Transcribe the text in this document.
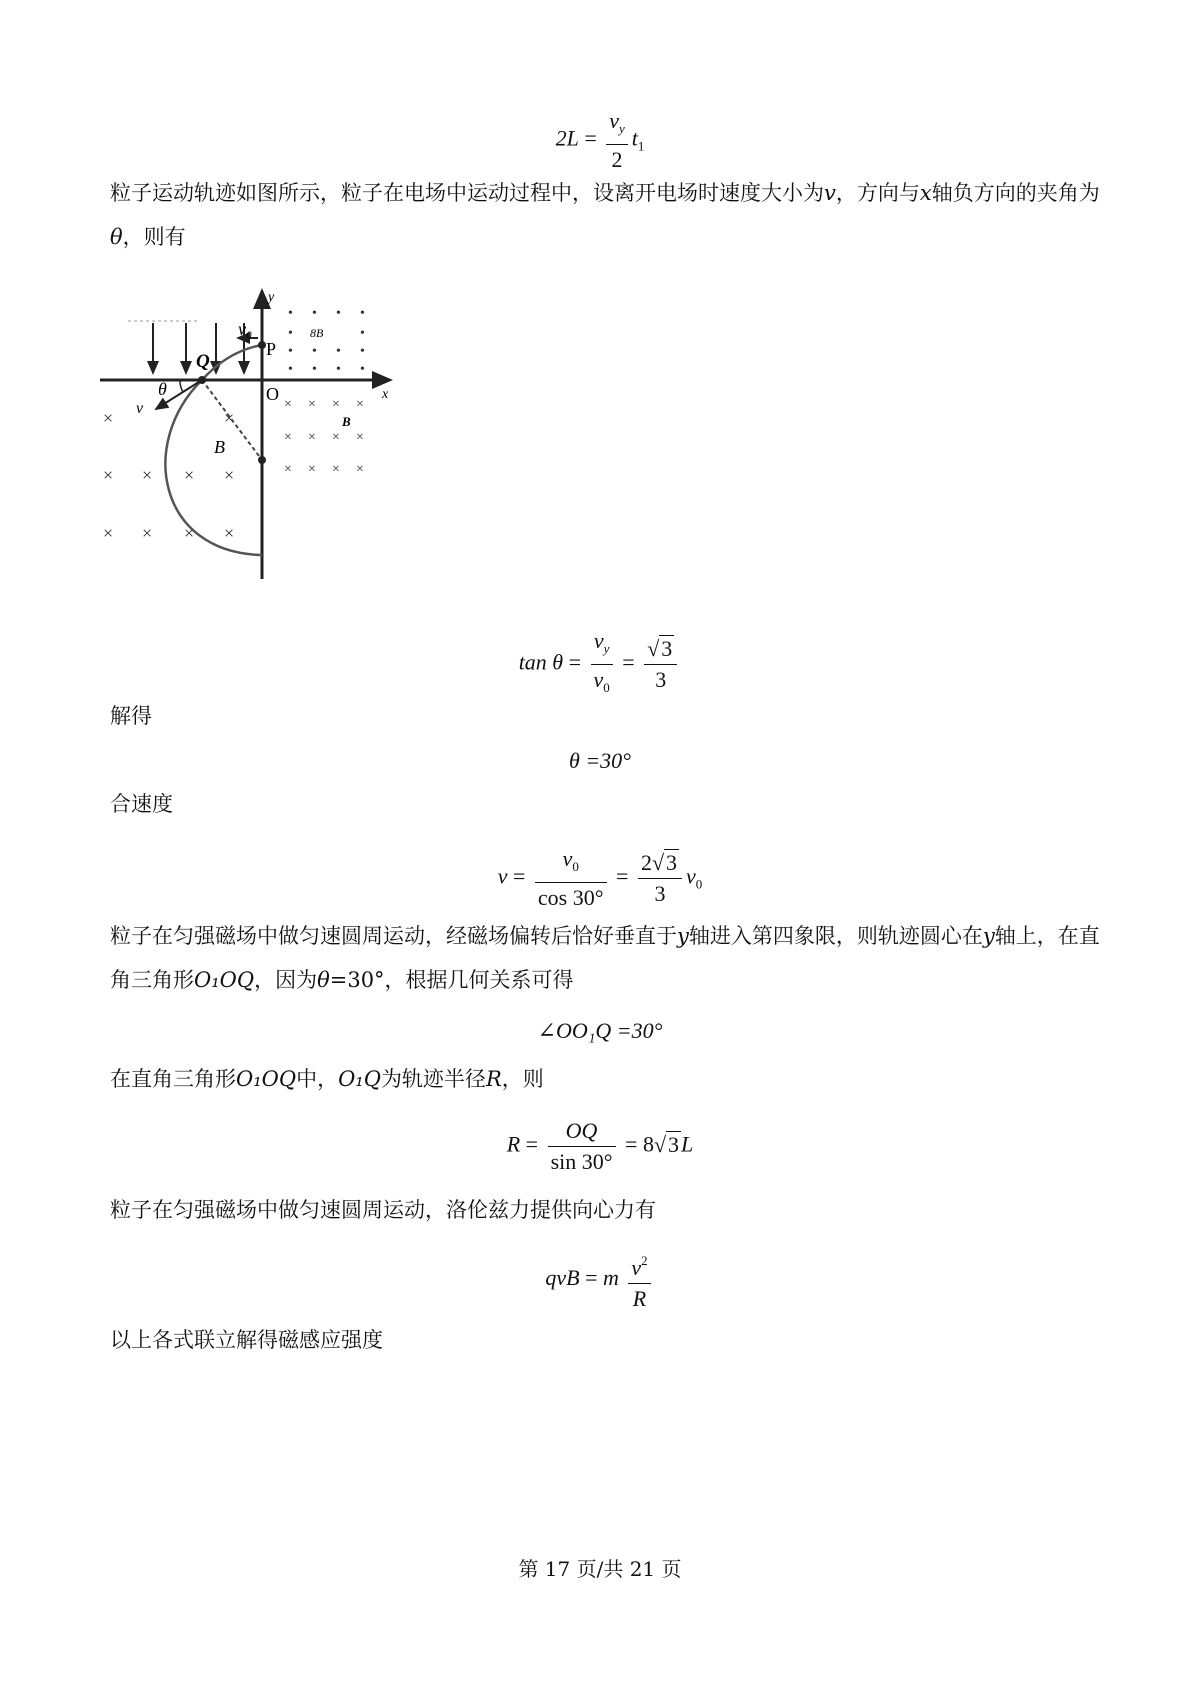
$2L = \frac{v_y}{2} t_1$

粒子运动轨迹如图所示，粒子在电场中运动过程中，设离开电场时速度大小为v，方向与x轴负方向的夹角为θ，则有

y
x
O
v₀
P
Q
v
θ
B
×	×
× × × ×
× × × ×
× × × ×
× × × ×
× × × ×
B
• • • •
•	•
• • • •
• • • •
8B
$\tan \theta = \frac{v_y}{v_0} = \frac{√3}{3}$

解得

θ =30°

合速度

$v = \frac{v_0}{\cos 30^\circ} = \frac{2√3}{3} v_0$

粒子在匀强磁场中做匀速圆周运动，经磁场偏转后恰好垂直于y轴进入第四象限，则轨迹圆心在y轴上，在直角三角形O₁OQ，因为θ=30°，根据几何关系可得

∠OO₁Q =30°

在直角三角形O₁OQ中，O₁Q为轨迹半径R，则

$R = \frac{OQ}{\sin 30^\circ} = 8√3L$

粒子在匀强磁场中做匀速圆周运动，洛伦兹力提供向心力有

qvB = m $\frac{v^2}{R}$

以上各式联立解得磁感应强度

第 17 页/共 21 页
